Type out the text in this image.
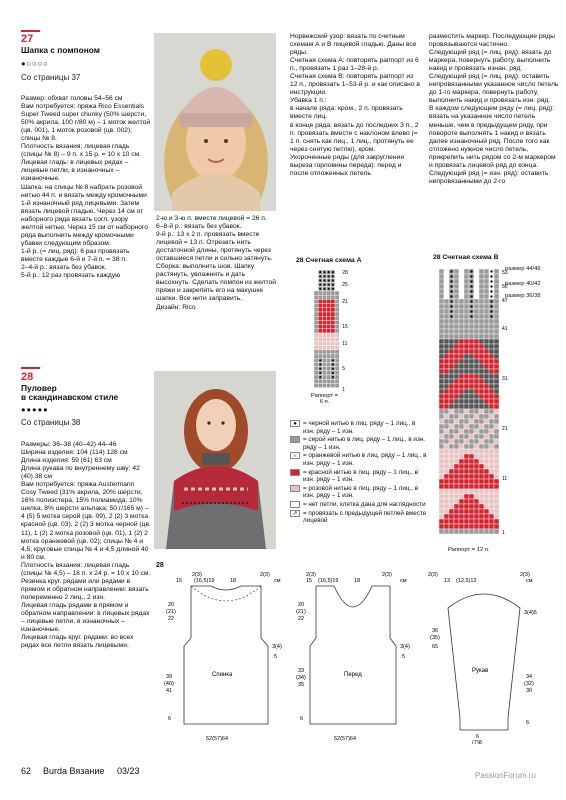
27
Шапка с помпоном
●○○○○
Со страницы 37
Размер: обхват головы 54–56 см
Вам потребуется: пряжа Rico Essentials Super Tweed super chunky (50% шерсти, 50% акрила, 100 г/80 м) – 1 моток желтой (цв. 001), 1 моток розовой (цв. 002); спицы № 8.
Плотность вязания: лицевая гладь (спицы № 8) – 9 п. x 15 р. = 10 x 10 см.
Лицевая гладь: в лицевых рядах – лицевые петли, в изнаночных – изнаночные.
Шапка: на спицы № 8 набрать розовой нитью 44 п. и вязать между кромочными 1-й изнаночный ряд лицевыми. Затем вязать лицевой гладью. Через 14 см от наборного ряда вязать согл. узору желтой нитью. Через 15 см от наборного ряда выполнить между кромочными убавки следующим образом:
1-й р. (= лиц. ряд): 6 раз провязать вместе каждые 6-й и 7-й п. = 38 п.
2–4-й р.: вязать без убавок.
5-й р.: 12 раз провязать каждую
2-ю и 3-ю п. вместе лицевой = 26 п.
6–8-й р.: вязать без убавок.
9-й р.: 13 x 2 п. провязать вместе лицевой = 13 п. Отрезать нить достаточной длины, протянуть через оставшиеся петли и сильно затянуть.
Сборка: выполнить шов. Шапку растянуть, увлажнить и дать высохнуть. Сделать помпон из желтой пряжи и закрепить его на макушке шапки. Все нити заправить.
Дизайн: Rico
28
Пуловер
в скандинавском стиле
●●●●●
Со страницы 38
Размеры: 36–38 (40–42) 44–46
Ширина изделия: 104 (114) 128 см
Длина изделия: 59 (61) 63 см
Длина рукава по внутреннему шву: 42 (40) 38 см
Вам потребуется: пряжа Austermann Cosy Tweed (31% акрила, 20% шерсти, 16% полиэстера, 15% полиамида; 10% шелка, 8% шерсти альпака; 50 г/165 м) – 4 (5) 5 мотка серой (цв. 09), 2 (2) 3 мотка красной (цв. 03), 2 (2) 3 мотка черной (цв. 11), 1 (2) 2 мотка розовой (цв. 01), 1 (2) 2 мотка оранжевой (цв. 02); спицы № 4 и 4,5; круговые спицы № 4 и 4,5 длиной 40 и 80 см.
Плотность вязания: лицевая гладь (спицы № 4,5) – 18 п. x 24 р. = 10 x 10 см.
Резинка круг. рядами или рядами в прямом и обратном направлении: вязать попеременно 2 лиц., 2 изн.
Лицевая гладь рядами в прямом и обратном направлении: в лицевых рядах – лицевые петли, в изнаночных – изнаночные.
Лицевая гладь круг. рядами: во всех рядах все петли вязать лицевыми.
Норвежский узор: вязать по счетным схемам А и В лицевой гладью. Даны все ряды.
Счетная схема А: повторять раппорт из 6 п., провязать 1 раз 1–28-й р.
Счетная схема В: повторять раппорт из 12 п., провязать 1–53-й р. и как описано в инструкции.
Убавка 1 п.:
в начале ряда: кром., 2 п. провязать вместе лиц.
в конце ряда: вязать до последних 3 п., 2 п. провязать вместе с наклоном влево (= 1 п. снять как лиц., 1 лиц., протянуть ее через снятую петлю), кром.
Укороченные ряды (для закругления выреза горловины переда): перед и после отложенных петель
разместить маркер. Последующие ряды провязываются частично.
Следующий ряд (= лиц. ряд): вязать до маркера, повернуть работу, выполнить накид и провязать изнан. ряд.
Следующий ряд (= лиц. ряд): оставить непровязанными указанное число петель до 1-го маркера, повернуть работу, выполнить накид и провязать изн. ряд.
В каждом следующем ряду (= лиц. ряд): вязать на указанное число петель меньше, чем в предыдущем ряду, при повороте выполнять 1 накид и вязать далее изнаночный ряд. После того как отложено нужное число петель, прикрепить нить рядом со 2-м маркером и провязать лицевой ряд до конца.
Следующий ряд (= изн. ряд): оставить непровязанными до 2-го
28 Счетная схема А
28
25
21
15
11
5
1
Раппорт =
6 п.
● = черной нитью в лиц. ряду – 1 лиц., в изн. ряду – 1 изн.
= серой нитью в лиц. ряду – 1 лиц., в изн. ряду – 1 изн.
× = оранжевой нитью в лиц. ряду – 1 лиц., в изн. ряду – 1 изн.
= красной нитью в лиц. ряду – 1 лиц., в изн. ряду – 1 изн.
= розовой нитью в лиц. ряду – 1 лиц., в изн. ряду – 1 изн.
= нет петли, клетка дана для наглядности
↗ = провязать с предыдущей петлей вместе лицевой
28 Счетная схема В
53
50
47
41
31
21
11
1
размер 44/46
размер 40/42
размер 36/38
Раппорт = 12 п.
28
Спинка
52(57)64
20
(21)
22
39
(40)
41
6
3(4)
5
2(3)	2(3)
15 (16,5)19	18	см
Перед
52(57)64
20
(21)
22
33
(34)
35
6
3(4)
5
2(3)	2(3)
15 (16,5)19	18	см
Рукав
6
(7)8
36
(35)
65
3(4)5
34
(32)
30
6
2(3)	2(3)
13 (12,5)12	см
62 Burda Вязание 03/23	PassionForum.ru
